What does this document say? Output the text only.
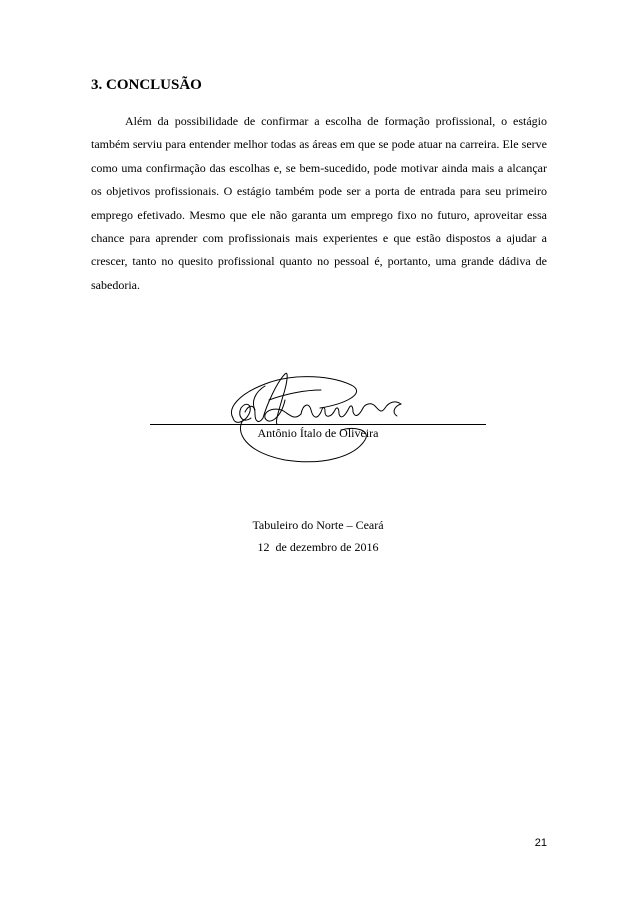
3. CONCLUSÃO

Além da possibilidade de confirmar a escolha de formação profissional, o estágio também serviu para entender melhor todas as áreas em que se pode atuar na carreira. Ele serve como uma confirmação das escolhas e, se bem-sucedido, pode motivar ainda mais a alcançar os objetivos profissionais. O estágio também pode ser a porta de entrada para seu primeiro emprego efetivado. Mesmo que ele não garanta um emprego fixo no futuro, aproveitar essa chance para aprender com profissionais mais experientes e que estão dispostos a ajudar a crescer, tanto no quesito profissional quanto no pessoal é, portanto, uma grande dádiva de sabedoria.

Antônio Ítalo de Oliveira
Tabuleiro do Norte – Ceará
12  de dezembro de 2016
21
